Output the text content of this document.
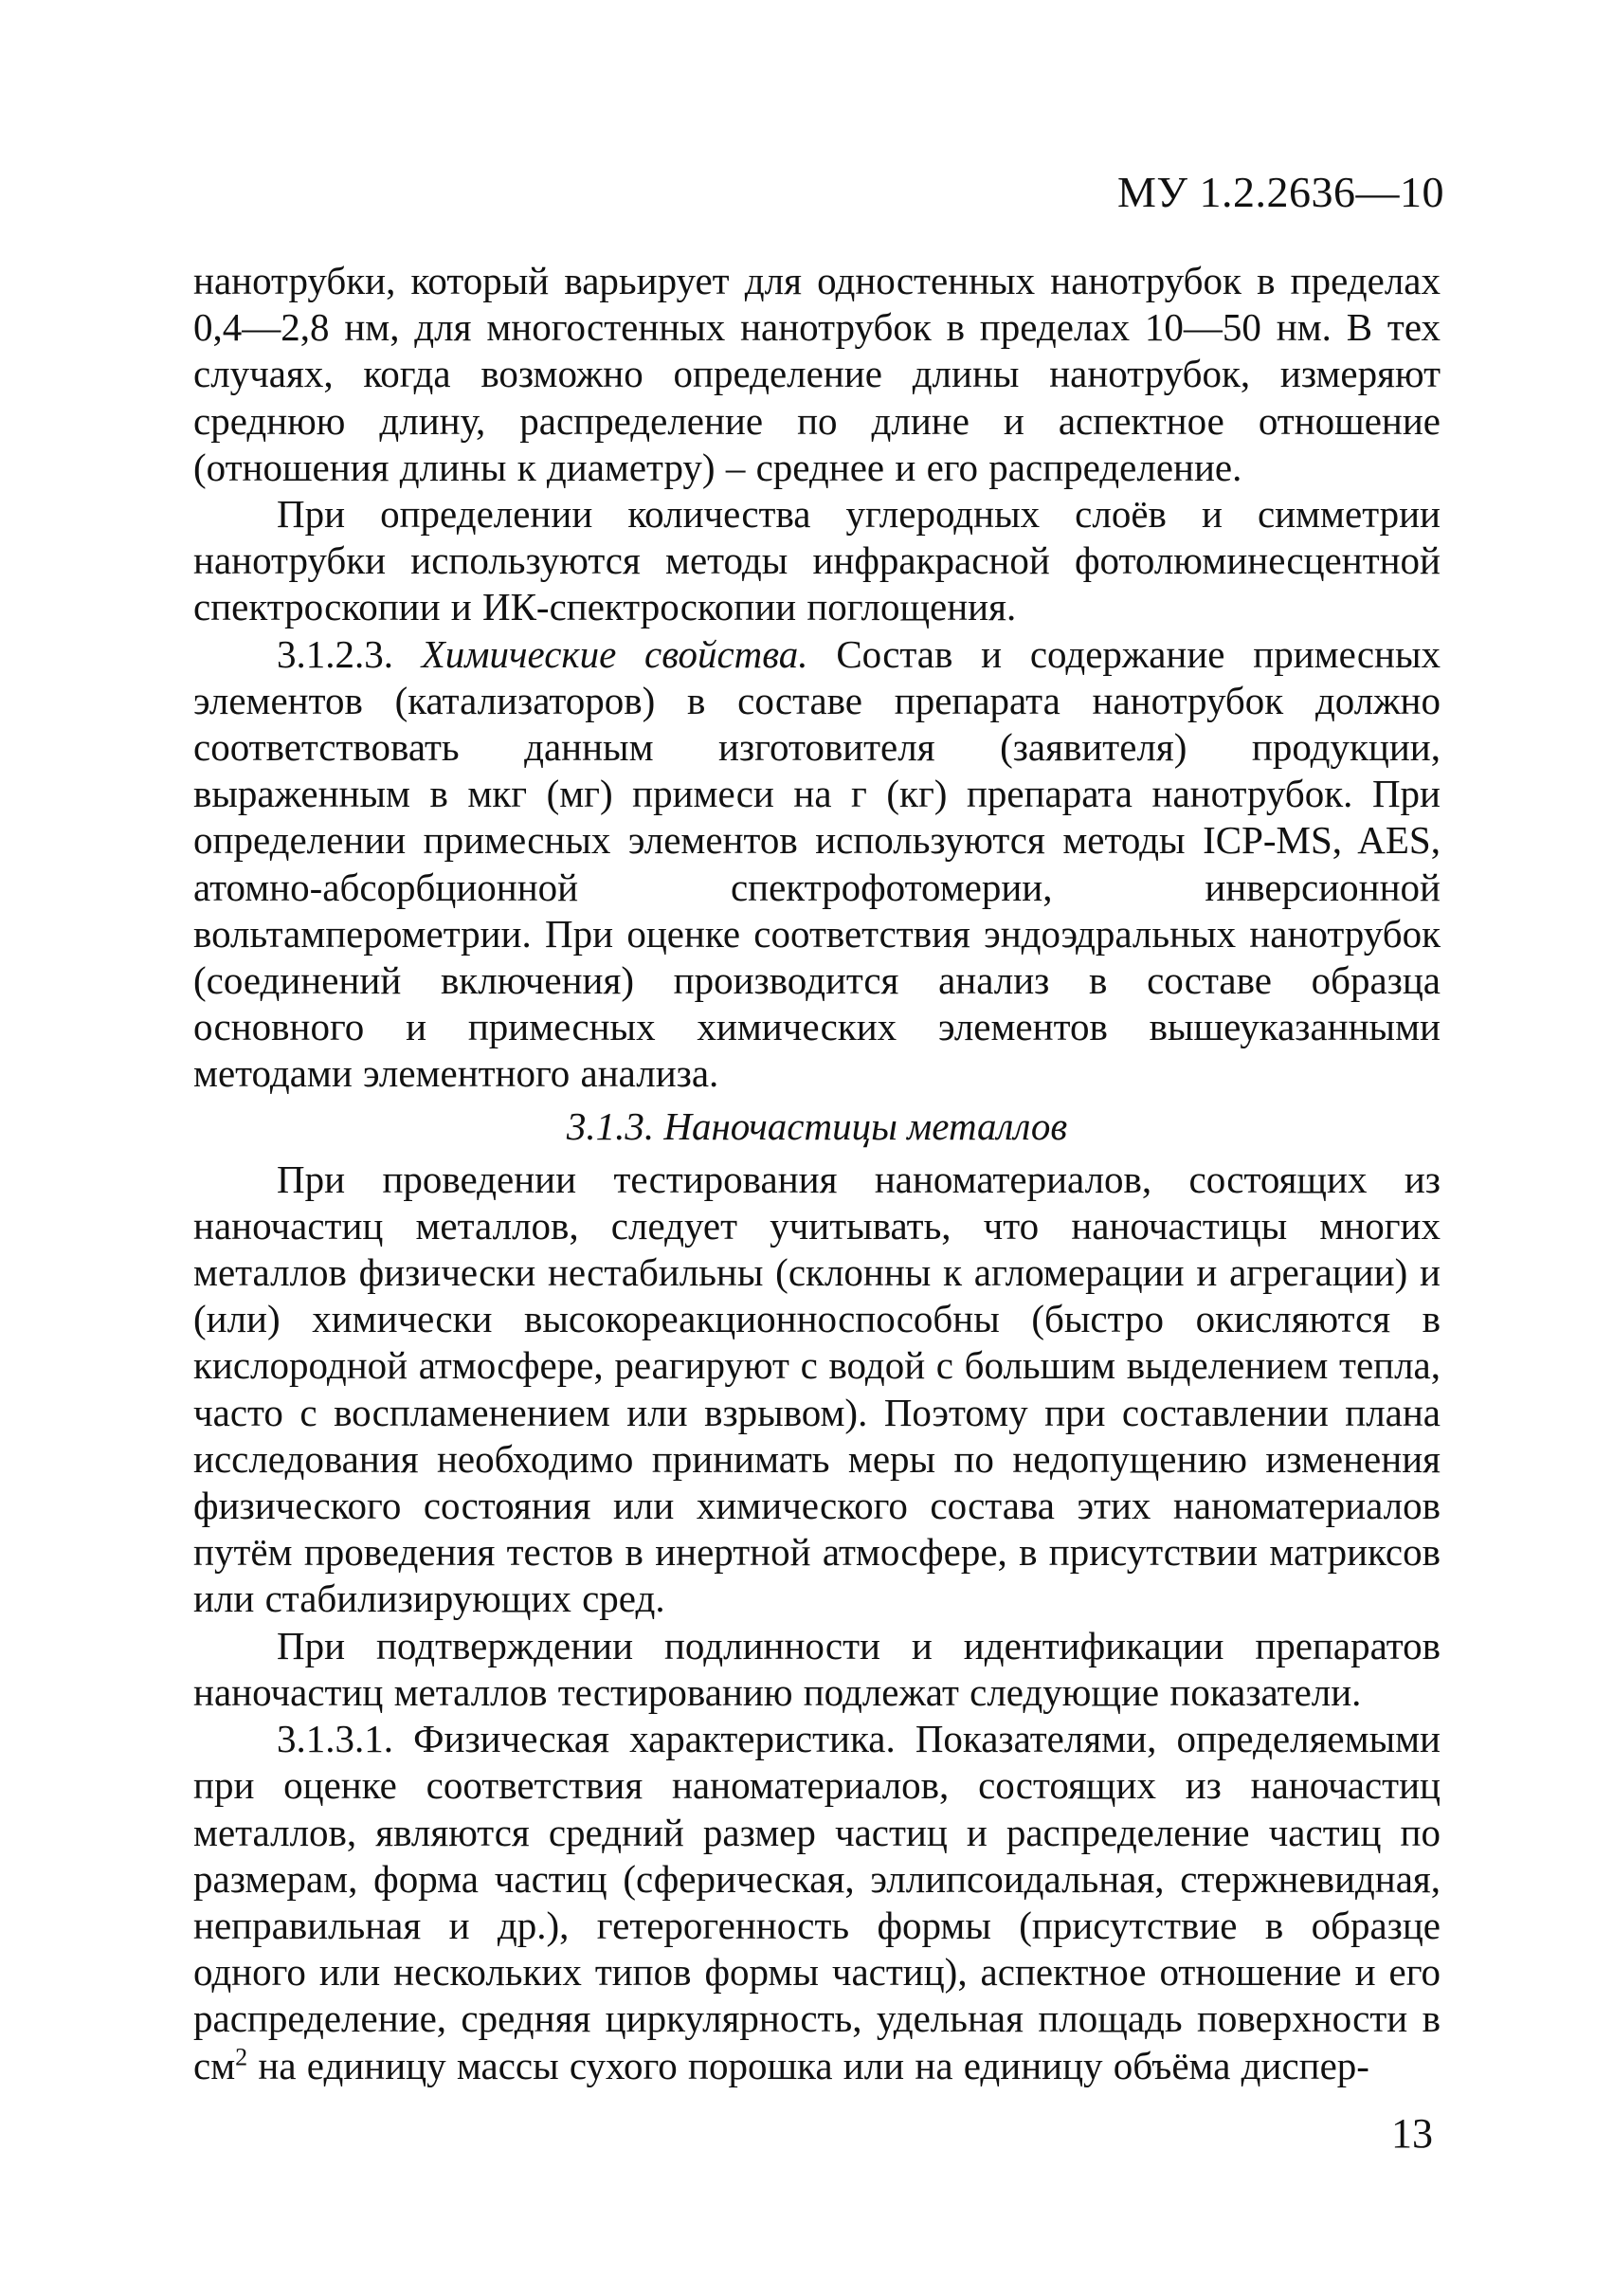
МУ 1.2.2636—10

нанотрубки, который варьирует для одностенных нанотрубок в пределах 0,4—2,8 нм, для многостенных нанотрубок в пределах 10—50 нм. В тех случаях, когда возможно определение длины нанотрубок, измеряют среднюю длину, распределение по длине и аспектное отношение (отношения длины к диаметру) – среднее и его распределение.

При определении количества углеродных слоёв и симметрии нанотрубки используются методы инфракрасной фотолюминесцентной спектроскопии и ИК-спектроскопии поглощения.

3.1.2.3. Химические свойства. Состав и содержание примесных элементов (катализаторов) в составе препарата нанотрубок должно соответствовать данным изготовителя (заявителя) продукции, выраженным в мкг (мг) примеси на г (кг) препарата нанотрубок. При определении примесных элементов используются методы ICP-MS, AES, атомно-абсорбционной спектрофотомерии, инверсионной вольтамперометрии. При оценке соответствия эндоэдральных нанотрубок (соединений включения) производится анализ в составе образца основного и примесных химических элементов вышеуказанными методами элементного анализа.

3.1.3. Наночастицы металлов

При проведении тестирования наноматериалов, состоящих из наночастиц металлов, следует учитывать, что наночастицы многих металлов физически нестабильны (склонны к агломерации и агрегации) и (или) химически высокореакционноспособны (быстро окисляются в кислородной атмосфере, реагируют с водой с большим выделением тепла, часто с воспламенением или взрывом). Поэтому при составлении плана исследования необходимо принимать меры по недопущению изменения физического состояния или химического состава этих наноматериалов путём проведения тестов в инертной атмосфере, в присутствии матриксов или стабилизирующих сред.

При подтверждении подлинности и идентификации препаратов наночастиц металлов тестированию подлежат следующие показатели.

3.1.3.1. Физическая характеристика. Показателями, определяемыми при оценке соответствия наноматериалов, состоящих из наночастиц металлов, являются средний размер частиц и распределение частиц по размерам, форма частиц (сферическая, эллипсоидальная, стержневидная, неправильная и др.), гетерогенность формы (присутствие в образце одного или нескольких типов формы частиц), аспектное отношение и его распределение, средняя циркулярность, удельная площадь поверхности в $см^2$ на единицу массы сухого порошка или на единицу объёма диспер-

13
